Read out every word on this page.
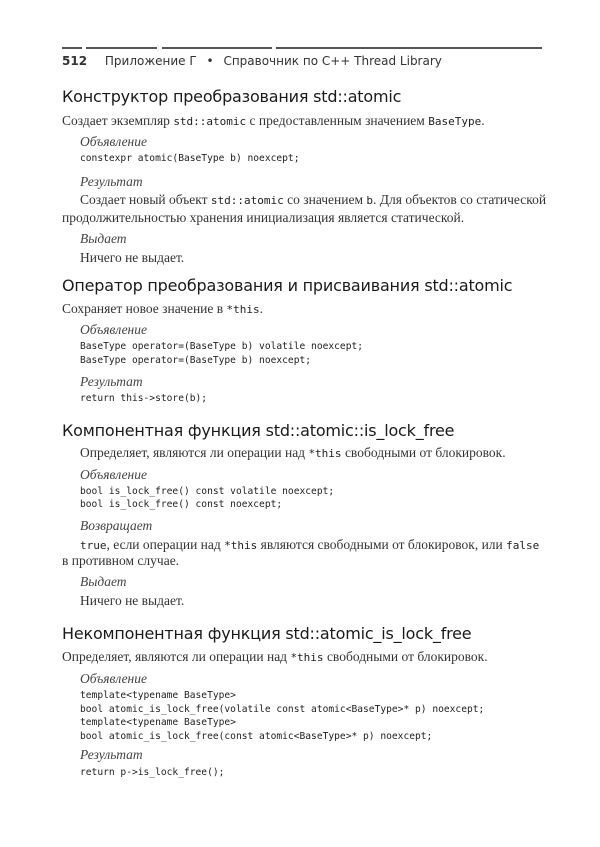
512 Приложение Г • Справочник по C++ Thread Library
Конструктор преобразования std::atomic
Создает экземпляр std::atomic с предоставленным значением BaseType.
Объявление
constexpr atomic(BaseType b) noexcept;
Результат
Создает новый объект std::atomic со значением b. Для объектов со статической
продолжительностью хранения инициализация является статической.
Выдает
Ничего не выдает.
Оператор преобразования и присваивания std::atomic
Сохраняет новое значение в *this.
Объявление
BaseType operator=(BaseType b) volatile noexcept;
BaseType operator=(BaseType b) noexcept;
Результат
return this->store(b);
Компонентная функция std::atomic::is_lock_free
Определяет, являются ли операции над *this свободными от блокировок.
Объявление
bool is_lock_free() const volatile noexcept;
bool is_lock_free() const noexcept;
Возвращает
true, если операции над *this являются свободными от блокировок, или false
в противном случае.
Выдает
Ничего не выдает.
Некомпонентная функция std::atomic_is_lock_free
Определяет, являются ли операции над *this свободными от блокировок.
Объявление
template<typename BaseType>
bool atomic_is_lock_free(volatile const atomic<BaseType>* p) noexcept;
template<typename BaseType>
bool atomic_is_lock_free(const atomic<BaseType>* p) noexcept;
Результат
return p->is_lock_free();
